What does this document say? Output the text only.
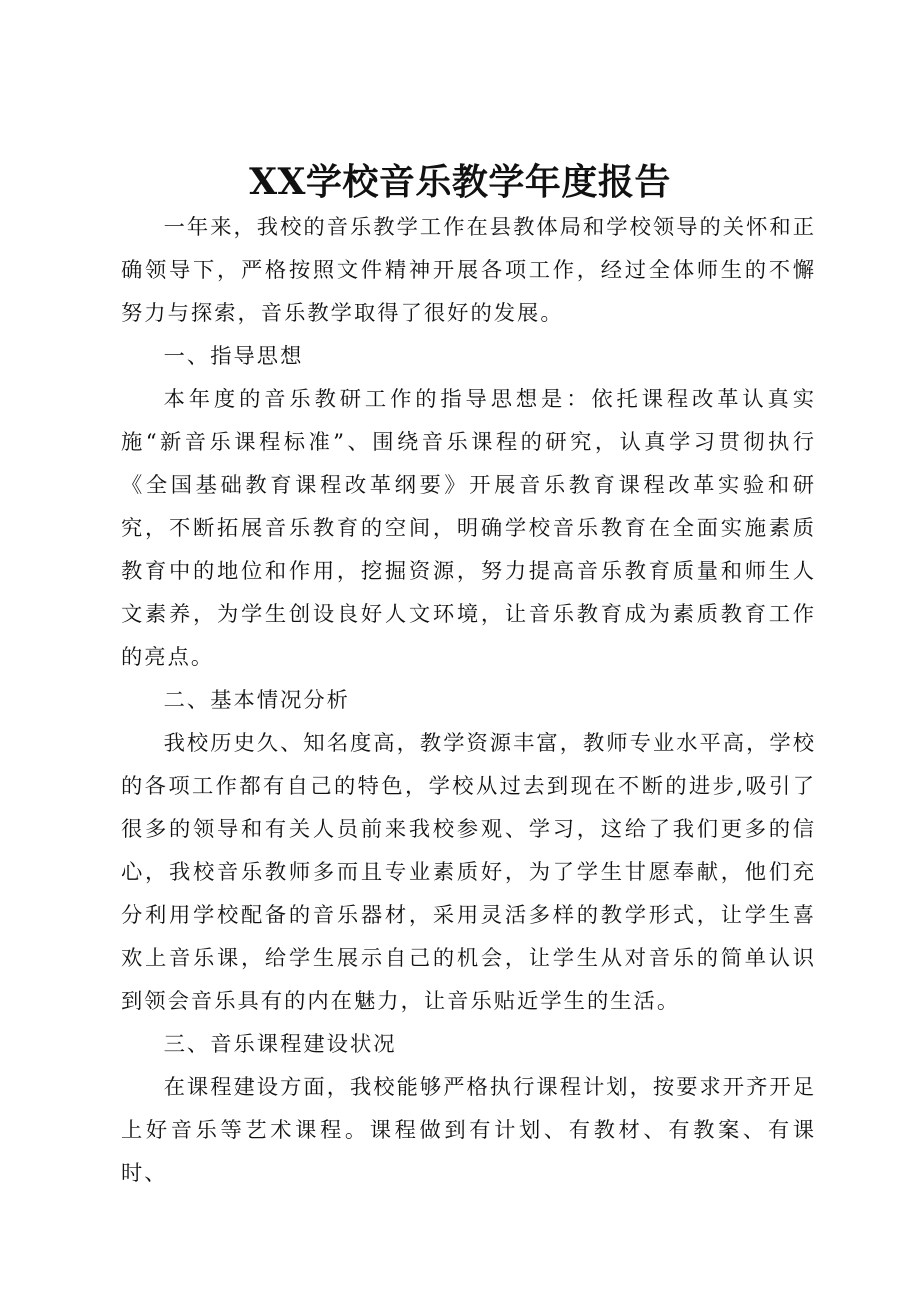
XX学校音乐教学年度报告

一年来，我校的音乐教学工作在县教体局和学校领导的关怀和正确领导下，严格按照文件精神开展各项工作，经过全体师生的不懈努力与探索，音乐教学取得了很好的发展。

一、指导思想

本年度的音乐教研工作的指导思想是：依托课程改革认真实施“新音乐课程标准”、围绕音乐课程的研究，认真学习贯彻执行《全国基础教育课程改革纲要》开展音乐教育课程改革实验和研究，不断拓展音乐教育的空间，明确学校音乐教育在全面实施素质教育中的地位和作用，挖掘资源，努力提高音乐教育质量和师生人文素养，为学生创设良好人文环境，让音乐教育成为素质教育工作的亮点。

二、基本情况分析

我校历史久、知名度高，教学资源丰富，教师专业水平高，学校的各项工作都有自己的特色，学校从过去到现在不断的进步,吸引了很多的领导和有关人员前来我校参观、学习，这给了我们更多的信心，我校音乐教师多而且专业素质好，为了学生甘愿奉献，他们充分利用学校配备的音乐器材，采用灵活多样的教学形式，让学生喜欢上音乐课，给学生展示自己的机会，让学生从对音乐的简单认识到领会音乐具有的内在魅力，让音乐贴近学生的生活。

三、音乐课程建设状况

在课程建设方面，我校能够严格执行课程计划，按要求开齐开足上好音乐等艺术课程。课程做到有计划、有教材、有教案、有课时、
